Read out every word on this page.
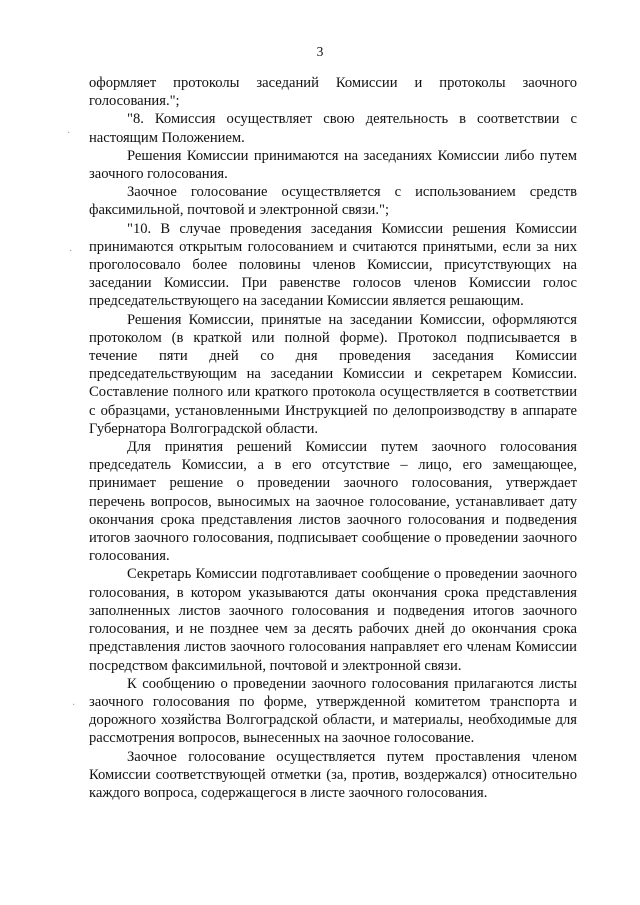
3
·
·
·

оформляет протоколы заседаний Комиссии и протоколы заочного голосования.";

"8. Комиссия осуществляет свою деятельность в соответствии с настоящим Положением.

Решения Комиссии принимаются на заседаниях Комиссии либо путем заочного голосования.

Заочное голосование осуществляется с использованием средств факсимильной, почтовой и электронной связи.";

"10. В случае проведения заседания Комиссии решения Комиссии принимаются открытым голосованием и считаются принятыми, если за них проголосовало более половины членов Комиссии, присутствующих на заседании Комиссии. При равенстве голосов членов Комиссии голос председательствующего на заседании Комиссии является решающим.

Решения Комиссии, принятые на заседании Комиссии, оформляются протоколом (в краткой или полной форме). Протокол подписывается в течение пяти дней со дня проведения заседания Комиссии председательствующим на заседании Комиссии и секретарем Комиссии. Составление полного или краткого протокола осуществляется в соответствии с образцами, установленными Инструкцией по делопроизводству в аппарате Губернатора Волгоградской области.

Для принятия решений Комиссии путем заочного голосования председатель Комиссии, а в его отсутствие – лицо, его замещающее, принимает решение о проведении заочного голосования, утверждает перечень вопросов, выносимых на заочное голосование, устанавливает дату окончания срока представления листов заочного голосования и подведения итогов заочного голосования, подписывает сообщение о проведении заочного голосования.

Секретарь Комиссии подготавливает сообщение о проведении заочного голосования, в котором указываются даты окончания срока представления заполненных листов заочного голосования и подведения итогов заочного голосования, и не позднее чем за десять рабочих дней до окончания срока представления листов заочного голосования направляет его членам Комиссии посредством факсимильной, почтовой и электронной связи.

К сообщению о проведении заочного голосования прилагаются листы заочного голосования по форме, утвержденной комитетом транспорта и дорожного хозяйства Волгоградской области, и материалы, необходимые для рассмотрения вопросов, вынесенных на заочное голосование.

Заочное голосование осуществляется путем проставления членом Комиссии соответствующей отметки (за, против, воздержался) относительно каждого вопроса, содержащегося в листе заочного голосования.
